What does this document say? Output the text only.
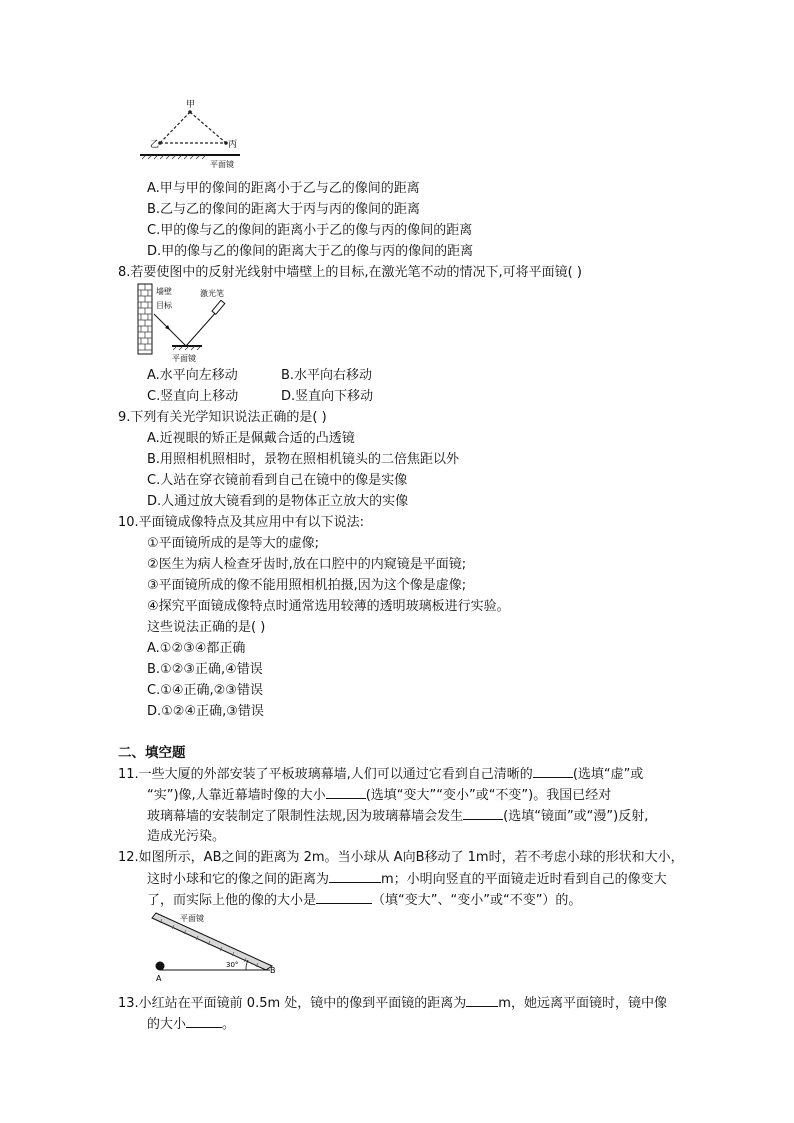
甲
乙	丙
平面镜
A.甲与甲的像间的距离小于乙与乙的像间的距离
B.乙与乙的像间的距离大于丙与丙的像间的距离
C.甲的像与乙的像间的距离小于乙的像与丙的像间的距离
D.甲的像与乙的像间的距离大于乙的像与丙的像间的距离
8.若要使图中的反射光线射中墙壁上的目标,在激光笔不动的情况下,可将平面镜( )
墙壁
目标
激光笔
平面镜
A.水平向左移动	B.水平向右移动
C.竖直向上移动	D.竖直向下移动
9.下列有关光学知识说法正确的是( )
A.近视眼的矫正是佩戴合适的凸透镜
B.用照相机照相时，景物在照相机镜头的二倍焦距以外
C.人站在穿衣镜前看到自己在镜中的像是实像
D.人通过放大镜看到的是物体正立放大的实像
10.平面镜成像特点及其应用中有以下说法:
①平面镜所成的是等大的虚像;
②医生为病人检查牙齿时,放在口腔中的内窥镜是平面镜;
③平面镜所成的像不能用照相机拍摄,因为这个像是虚像;
④探究平面镜成像特点时通常选用较薄的透明玻璃板进行实验。
这些说法正确的是( )
A.①②③④都正确
B.①②③正确,④错误
C.①④正确,②③错误
D.①②④正确,③错误
二、填空题
11.一些大厦的外部安装了平板玻璃幕墙,人们可以通过它看到自己清晰的	(选填“虚”或
“实”)像,人靠近幕墙时像的大小	(选填“变大”“变小”或“不变”)。我国已经对
玻璃幕墙的安装制定了限制性法规,因为玻璃幕墙会发生	(选填“镜面”或“漫”)反射,
造成光污染。
12.如图所示，AB之间的距离为 2m。当小球从 A向B移动了 1m时，若不考虑小球的形状和大小，
这时小球和它的像之间的距离为	m；小明向竖直的平面镜走近时看到自己的像变大
了，而实际上他的像的大小是	（填“变大”、“变小”或“不变”）的。
平面镜
30°
A
B
13.小红站在平面镜前 0.5m 处，镜中的像到平面镜的距离为 m，她远离平面镜时，镜中像
的大小	。
